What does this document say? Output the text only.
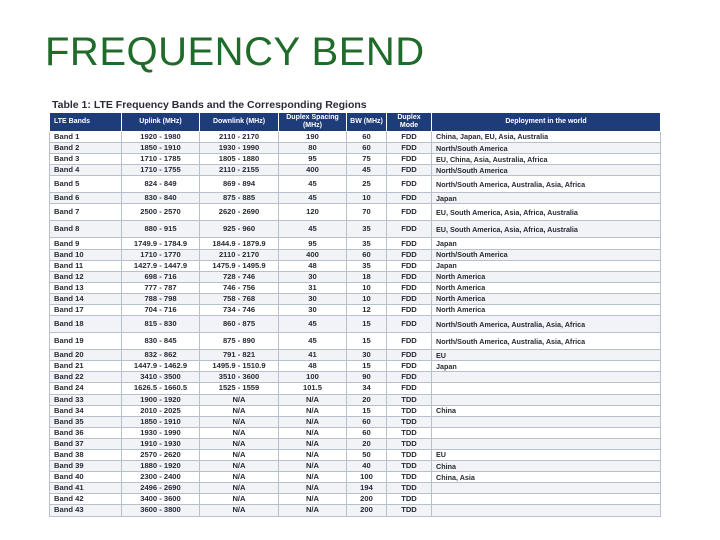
FREQUENCY BEND
Table 1: LTE Frequency Bands and the Corresponding Regions
LTE Bands	Uplink (MHz)	Downlink (MHz)	Duplex Spacing (MHz)	BW (MHz)	Duplex Mode	Deployment in the world
Band 1	1920 - 1980	2110 - 2170	190	60	FDD	China, Japan, EU, Asia, Australia
Band 2	1850 - 1910	1930 - 1990	80	60	FDD	North/South America
Band 3	1710 - 1785	1805 - 1880	95	75	FDD	EU, China, Asia, Australia, Africa
Band 4	1710 - 1755	2110 - 2155	400	45	FDD	North/South America
Band 5	824 - 849	869 - 894	45	25	FDD	North/South America, Australia, Asia, Africa
Band 6	830 - 840	875 - 885	45	10	FDD	Japan
Band 7	2500 - 2570	2620 - 2690	120	70	FDD	EU, South America, Asia, Africa, Australia
Band 8	880 - 915	925 - 960	45	35	FDD	EU, South America, Asia, Africa, Australia
Band 9	1749.9 - 1784.9	1844.9 - 1879.9	95	35	FDD	Japan
Band 10	1710 - 1770	2110 - 2170	400	60	FDD	North/South America
Band 11	1427.9 - 1447.9	1475.9 - 1495.9	48	35	FDD	Japan
Band 12	698 - 716	728 - 746	30	18	FDD	North America
Band 13	777 - 787	746 - 756	31	10	FDD	North America
Band 14	788 - 798	758 - 768	30	10	FDD	North America
Band 17	704 - 716	734 - 746	30	12	FDD	North America
Band 18	815 - 830	860 - 875	45	15	FDD	North/South America, Australia, Asia, Africa
Band 19	830 - 845	875 - 890	45	15	FDD	North/South America, Australia, Asia, Africa
Band 20	832 - 862	791 - 821	41	30	FDD	EU
Band 21	1447.9 - 1462.9	1495.9 - 1510.9	48	15	FDD	Japan
Band 22	3410 - 3500	3510 - 3600	100	90	FDD	
Band 24	1626.5 - 1660.5	1525 - 1559	101.5	34	FDD	
Band 33	1900 - 1920	N/A	N/A	20	TDD	
Band 34	2010 - 2025	N/A	N/A	15	TDD	China
Band 35	1850 - 1910	N/A	N/A	60	TDD	
Band 36	1930 - 1990	N/A	N/A	60	TDD	
Band 37	1910 - 1930	N/A	N/A	20	TDD	
Band 38	2570 - 2620	N/A	N/A	50	TDD	EU
Band 39	1880 - 1920	N/A	N/A	40	TDD	China
Band 40	2300 - 2400	N/A	N/A	100	TDD	China, Asia
Band 41	2496 - 2690	N/A	N/A	194	TDD	
Band 42	3400 - 3600	N/A	N/A	200	TDD	
Band 43	3600 - 3800	N/A	N/A	200	TDD	
